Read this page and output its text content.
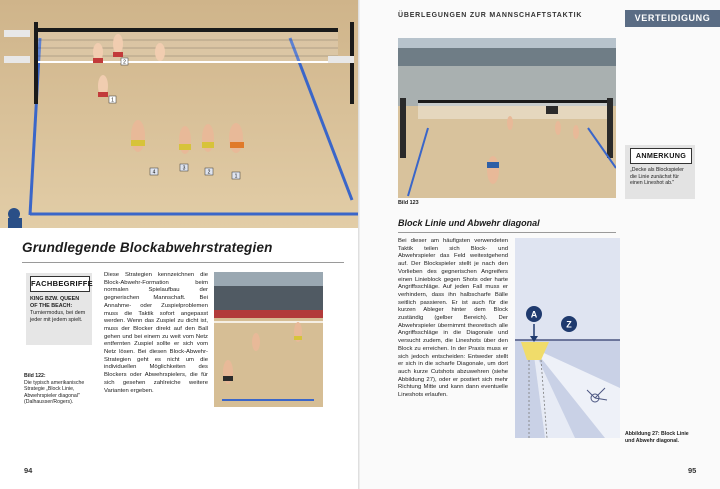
2
1
4
3
2
1
Grundlegende Blockabwehrstrategien
FACHBEGRIFFE
KING BZW. QUEEN OF THE BEACH: Turniermodus, bei dem jeder mit jedem spielt.
Bild 122:
Die typisch amerikanische Strategie „Block Linie, Abwehrspieler diagonal" (Dalhausser/Rogers).
Diese Strategien kennzeichnen die Block-Abwehr-Formation beim normalen Spielaufbau der gegnerischen Mannschaft. Bei Annahme- oder Zuspielproblemen muss die Taktik sofort angepasst werden. Wenn das Zuspiel zu dicht ist, muss der Blocker direkt auf den Ball gehen und bei einem zu weit vom Netz entfernten Zuspiel sollte er sich vom Netz lösen. Bei diesen Block-Abwehr-Strategien geht es nicht um die individuellen Möglichkeiten des Blockers oder Abwehrspielers, die für sich gesehen zahlreiche weitere Varianten ergeben.
94
ÜBERLEGUNGEN ZUR MANNSCHAFTSTAKTIK	VERTEIDIGUNG
Bild 123
ANMERKUNG
„Decke als Blockspieler die Linie zunächst für einen Lineshot ab."
Block Linie und Abwehr diagonal
Bei dieser am häufigsten verwendeten Taktik teilen sich Block- und Abwehrspieler das Feld weitestgehend auf. Der Blockspieler stellt je nach den Vorlieben des gegnerischen Angreifers einen Linieblock gegen Shots oder harte Angriffsschläge. Auf jeden Fall muss er verhindern, dass ihn halbscharfe Bälle seitlich passieren. Er ist auch für die kurzen Ableger hinter dem Block zuständig (gelber Bereich). Der Abwehrspieler übernimmt theoretisch alle Angriffsschläge in die Diagonale und versucht zudem, die Lineshots über den Block zu erreichen. In der Praxis muss er sich jedoch entscheiden: Entweder stellt er sich in die scharfe Diagonale, um dort auch kurze Cutshots abzuwehren (siehe Abbildung 27), oder er postiert sich mehr Richtung Mitte und kann dann eventuelle Lineshots erlaufen.
A
Z
Abbildung 27: Block Linie und Abwehr diagonal.
95
